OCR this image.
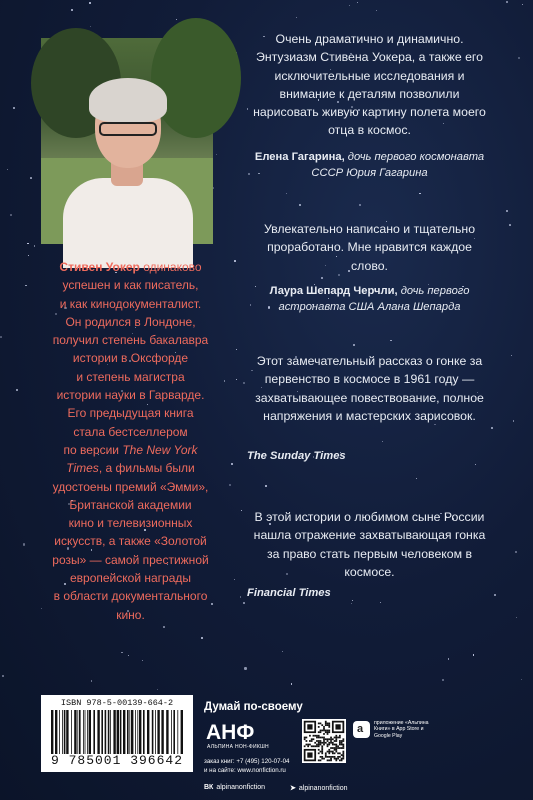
Стивен Уокер одинаково
успешен и как писатель,
и как кинодокументалист.
Он родился в Лондоне,
получил степень бакалавра
истории в Оксфорде
и степень магистра
истории науки в Гарварде.
Его предыдущая книга
стала бестселлером
по версии The New York
Times, а фильмы были
удостоены премий «Эмми»,
Британской академии
кино и телевизионных
искусств, а также «Золотой
розы» — самой престижной
европейской награды
в области документального
кино.

Очень драматично и динамично. Энтузиазм Стивена Уокера, а также его исключительные исследования и внимание к деталям позволили нарисовать живую картину полета моего отца в космос.

Елена Гагарина, дочь первого космонавта СССР Юрия Гагарина

Увлекательно написано и тщательно проработано. Мне нравится каждое слово.

Лаура Шепард Черчли, дочь первого астронавта США Алана Шепарда

Этот замечательный рассказ о гонке за первенство в космосе в 1961 году — захватывающее повествование, полное напряжения и мастерских зарисовок.

The Sunday Times

В этой истории о любимом сыне России нашла отражение захватывающая гонка за право стать первым человеком в космосе.

Financial Times

ISBN 978-5-00139-664-2
9 785001 396642

Думай по-своему

АНФ

АЛЬПИНА НОН-ФИКШН

заказ книг: +7 (495) 120-07-04
и на сайте: www.nonfiction.ru

a приложение «Альпина Книги» в App Store и Google Play

ВК alpinanonfiction	➤ alpinanonfiction
